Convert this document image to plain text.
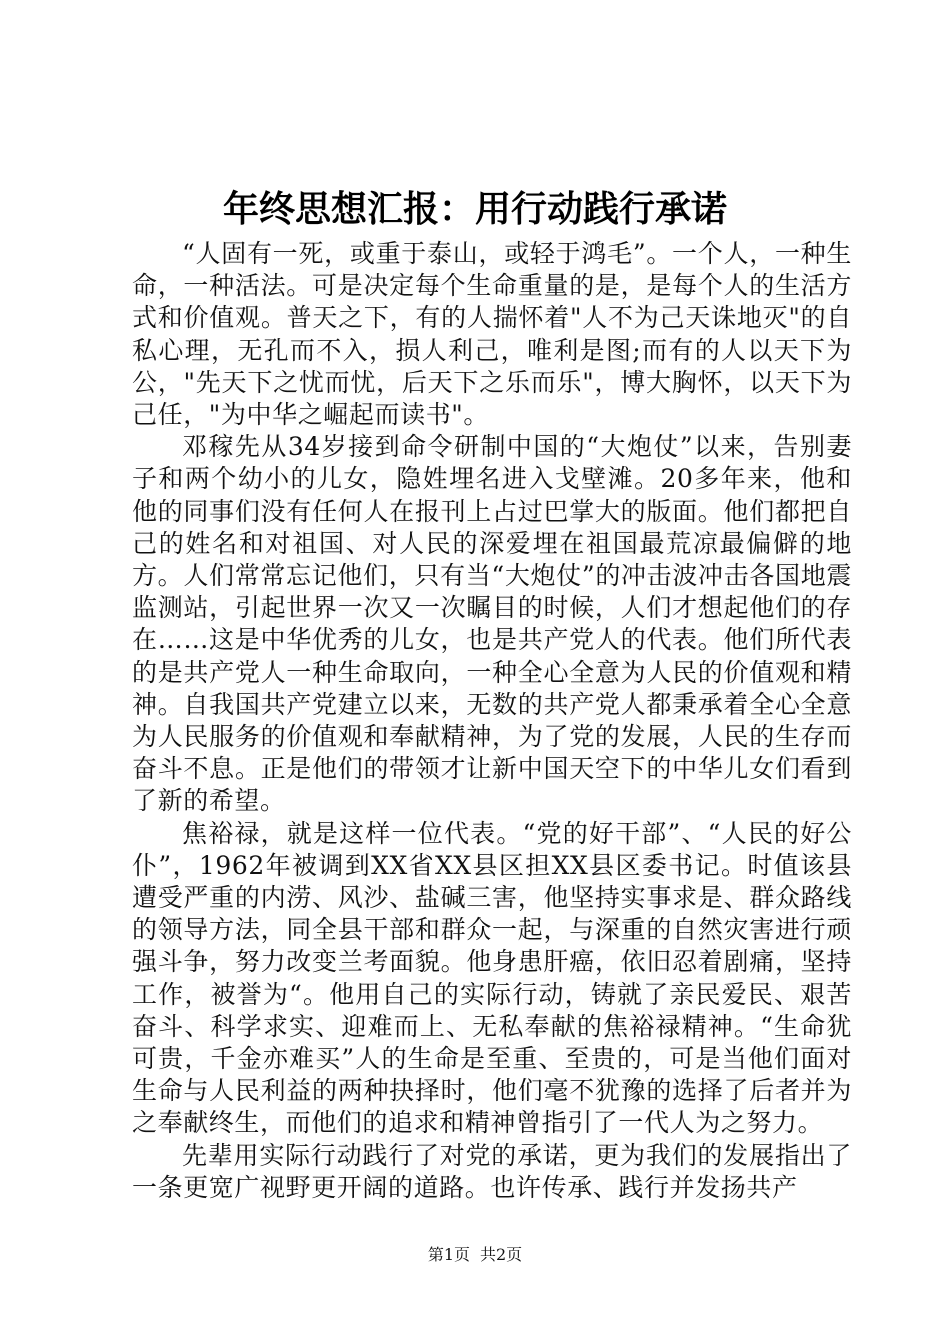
年终思想汇报：用行动践行承诺

“人固有一死，或重于泰山，或轻于鸿毛”。一个人，一种生命，一种活法。可是决定每个生命重量的是，是每个人的生活方式和价值观。普天之下，有的人揣怀着"人不为己天诛地灭"的自私心理，无孔而不入，损人利己，唯利是图;而有的人以天下为公，"先天下之忧而忧，后天下之乐而乐"，博大胸怀，以天下为己任，"为中华之崛起而读书"。

邓稼先从34岁接到命令研制中国的“大炮仗”以来，告别妻子和两个幼小的儿女，隐姓埋名进入戈壁滩。20多年来，他和他的同事们没有任何人在报刊上占过巴掌大的版面。他们都把自己的姓名和对祖国、对人民的深爱埋在祖国最荒凉最偏僻的地方。人们常常忘记他们，只有当“大炮仗”的冲击波冲击各国地震监测站，引起世界一次又一次瞩目的时候，人们才想起他们的存在……这是中华优秀的儿女，也是共产党人的代表。他们所代表的是共产党人一种生命取向，一种全心全意为人民的价值观和精神。自我国共产党建立以来，无数的共产党人都秉承着全心全意为人民服务的价值观和奉献精神，为了党的发展，人民的生存而奋斗不息。正是他们的带领才让新中国天空下的中华儿女们看到了新的希望。

焦裕禄，就是这样一位代表。“党的好干部”、“人民的好公仆”，1962年被调到XX省XX县区担XX县区委书记。时值该县遭受严重的内涝、风沙、盐碱三害，他坚持实事求是、群众路线的领导方法，同全县干部和群众一起，与深重的自然灾害进行顽强斗争，努力改变兰考面貌。他身患肝癌，依旧忍着剧痛，坚持工作，被誉为“。他用自己的实际行动，铸就了亲民爱民、艰苦奋斗、科学求实、迎难而上、无私奉献的焦裕禄精神。“生命犹可贵，千金亦难买”人的生命是至重、至贵的，可是当他们面对生命与人民利益的两种抉择时，他们毫不犹豫的选择了后者并为之奉献终生，而他们的追求和精神曾指引了一代人为之努力。

先辈用实际行动践行了对党的承诺，更为我们的发展指出了一条更宽广视野更开阔的道路。也许传承、践行并发扬共产

第1页 共2页
